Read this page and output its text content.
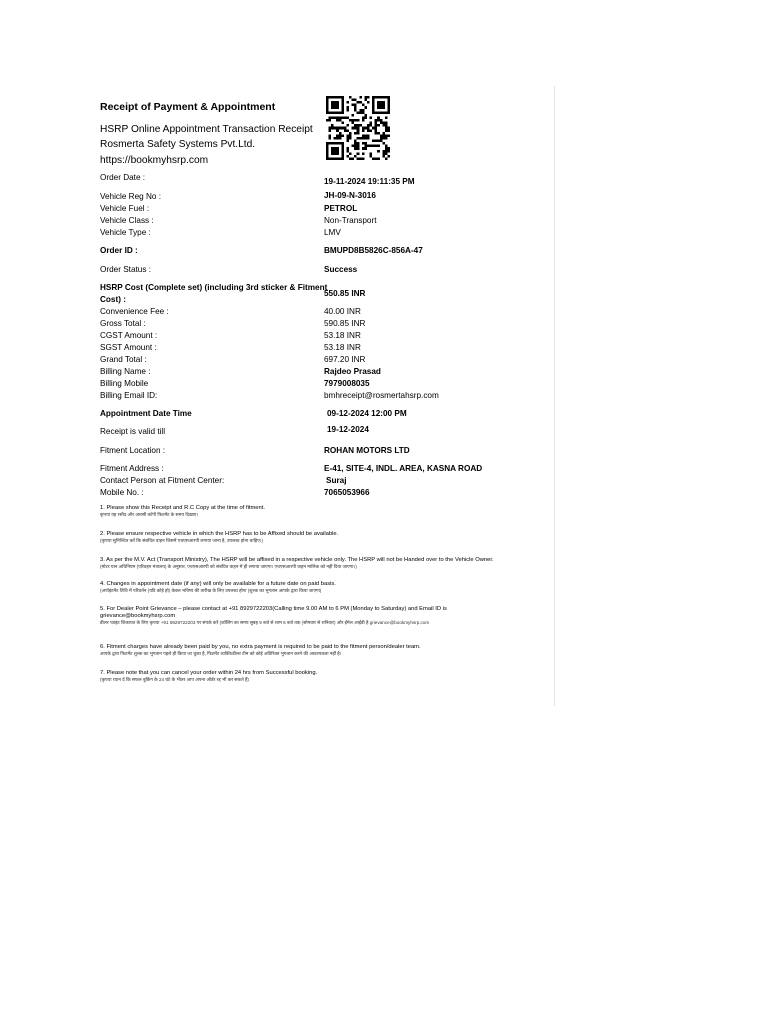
Receipt of Payment & Appointment
HSRP Online Appointment Transaction Receipt
Rosmerta Safety Systems Pvt.Ltd.
https://bookmyhsrp.com
Order Date :	19-11-2024 19:11:35 PM
Vehicle Reg No :	JH-09-N-3016
Vehicle Fuel :	PETROL
Vehicle Class :	Non-Transport
Vehicle Type :	LMV
Order ID :	BMUPD8B5826C-856A-47
Order Status :	Success
HSRP Cost (Complete set) (including 3rd sticker & Fitment Cost) :
550.85 INR
Convenience Fee :	40.00 INR
Gross Total :	590.85 INR
CGST Amount :	53.18 INR
SGST Amount :	53.18 INR
Grand Total :	697.20 INR
Billing Name :	Rajdeo Prasad
Billing Mobile	7979008035
Billing Email ID:	bmhreceipt@rosmertahsrp.com
Appointment Date Time	09-12-2024 12:00 PM
Receipt is valid till	19-12-2024
Fitment Location :	ROHAN MOTORS LTD
Fitment Address :	E-41, SITE-4, INDL. AREA, KASNA ROAD
Contact Person at Fitment Center:	Suraj
Mobile No. :	7065053966
1. Please show this Receipt and R.C Copy at the time of fitment.
कृपया यह रसीद और आरसी कॉपी फिटमेंट के समय दिखाए।
2. Please ensure respective vehicle in which the HSRP has to be Affixed should be available.
(कृपया सुनिश्चित करें कि संबंधित वाहन जिसमें एचएसआरपी लगाया जाना है, उपलब्ध होना चाहिए।)
3. As per the M.V. Act (Transport Ministry), The HSRP will be affixed in a respective vehicle only. The HSRP will not be Handed over to the Vehicle Owner.
(मोटर यान अधिनियम (परिवहन मंत्रालय) के अनुसार, एचएसआरपी को संबंधित वाहन में ही लगाया जाएगा। एचएसआरपी वाहन मालिक को नहीं दिया जाएगा।)
4. Changes in appointment date (if any) will only be available for a future date on paid basis.
(अपॉइंटमेंट तिथि में परिवर्तन (यदि कोई हो) केवल भविष्य की तारीख के लिए उपलब्ध होगा (शुल्क का भुगतान आपके द्वारा किया जाएगा)
5. For Dealer Point Grievance – please contact at +91 8929722203(Calling time 9.00 AM to 6 PM (Monday to Saturday) and Email ID is grievance@bookmyhsrp.com
डीलर प्वाइंट शिकायत के लिए कृपया +91 8929722203 पर संपर्क करें (कॉलिंग का समय सुबह 9 बजे से शाम 6 बजे तक (सोमवार से शनिवार) और ईमेल आईडी है grievance@bookmyhsrp.com
6. Fitment charges have already been paid by you, no extra payment is required to be paid to the fitment person/dealer team.
आपके द्वारा फिटमेंट शुल्क का भुगतान पहले ही किया जा चुका है, फिटमेंट व्यक्ति/डीलर टीम को कोई अतिरिक्त भुगतान करने की आवश्यकता नहीं है।
7. Please note that you can cancel your order within 24 hrs from Successful booking.
(कृपया ध्यान दें कि सफल बुकिंग के 24 घंटे के भीतर आप अपना ऑर्डर रद्द भी कर सकते हैं)
